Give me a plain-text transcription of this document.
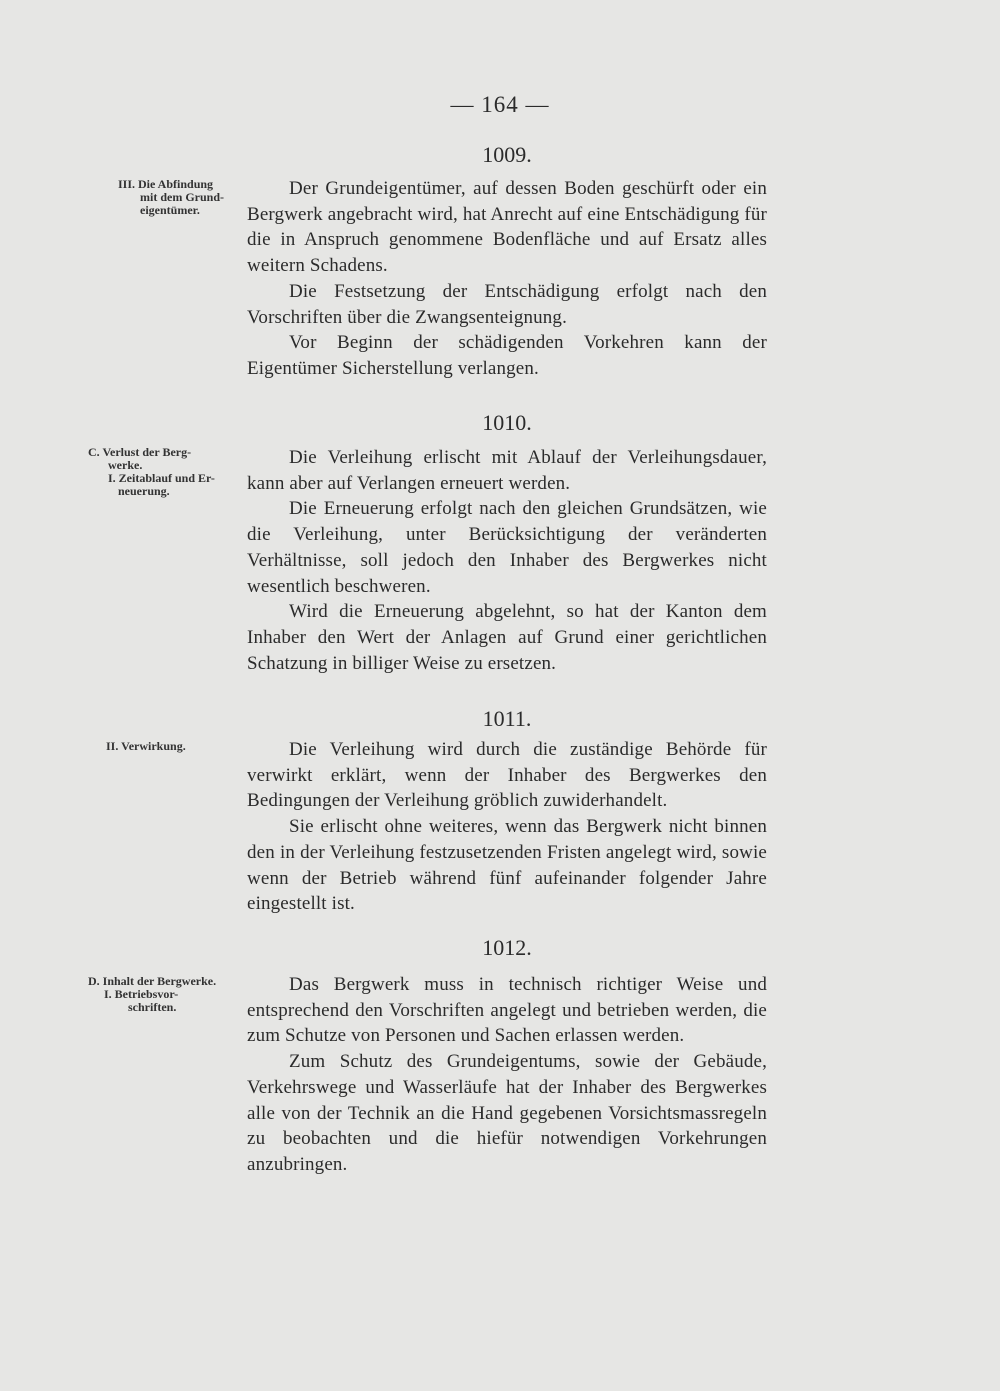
— 164 —
1009.
III. Die Abfindung
mit dem Grund-
eigentümer.

Der Grundeigentümer, auf dessen Boden geschürft oder ein Bergwerk angebracht wird, hat Anrecht auf eine Entschädigung für die in Anspruch genommene Bodenfläche und auf Ersatz alles weitern Schadens.

Die Festsetzung der Entschädigung erfolgt nach den Vorschriften über die Zwangsenteignung.

Vor Beginn der schädigenden Vorkehren kann der Eigentümer Sicherstellung verlangen.

1010.
C. Verlust der Berg-
werke.
I. Zeitablauf und Er-
neuerung.

Die Verleihung erlischt mit Ablauf der Verleihungsdauer, kann aber auf Verlangen erneuert werden.

Die Erneuerung erfolgt nach den gleichen Grundsätzen, wie die Verleihung, unter Berücksichtigung der veränderten Verhältnisse, soll jedoch den Inhaber des Bergwerkes nicht wesentlich beschweren.

Wird die Erneuerung abgelehnt, so hat der Kanton dem Inhaber den Wert der Anlagen auf Grund einer gerichtlichen Schatzung in billiger Weise zu ersetzen.

1011.
II. Verwirkung.	Die Verleihung wird durch die zuständige Behörde für verwirkt erklärt, wenn der Inhaber des Bergwerkes den Bedingungen der Verleihung gröblich zuwiderhandelt.

Sie erlischt ohne weiteres, wenn das Bergwerk nicht binnen den in der Verleihung festzusetzenden Fristen angelegt wird, sowie wenn der Betrieb während fünf aufeinander folgender Jahre eingestellt ist.

1012.
D. Inhalt der Bergwerke.
I. Betriebsvor-
schriften.

Das Bergwerk muss in technisch richtiger Weise und entsprechend den Vorschriften angelegt und betrieben werden, die zum Schutze von Personen und Sachen erlassen werden.

Zum Schutz des Grundeigentums, sowie der Gebäude, Verkehrswege und Wasserläufe hat der Inhaber des Bergwerkes alle von der Technik an die Hand gegebenen Vorsichtsmassregeln zu beobachten und die hiefür notwendigen Vorkehrungen anzubringen.
